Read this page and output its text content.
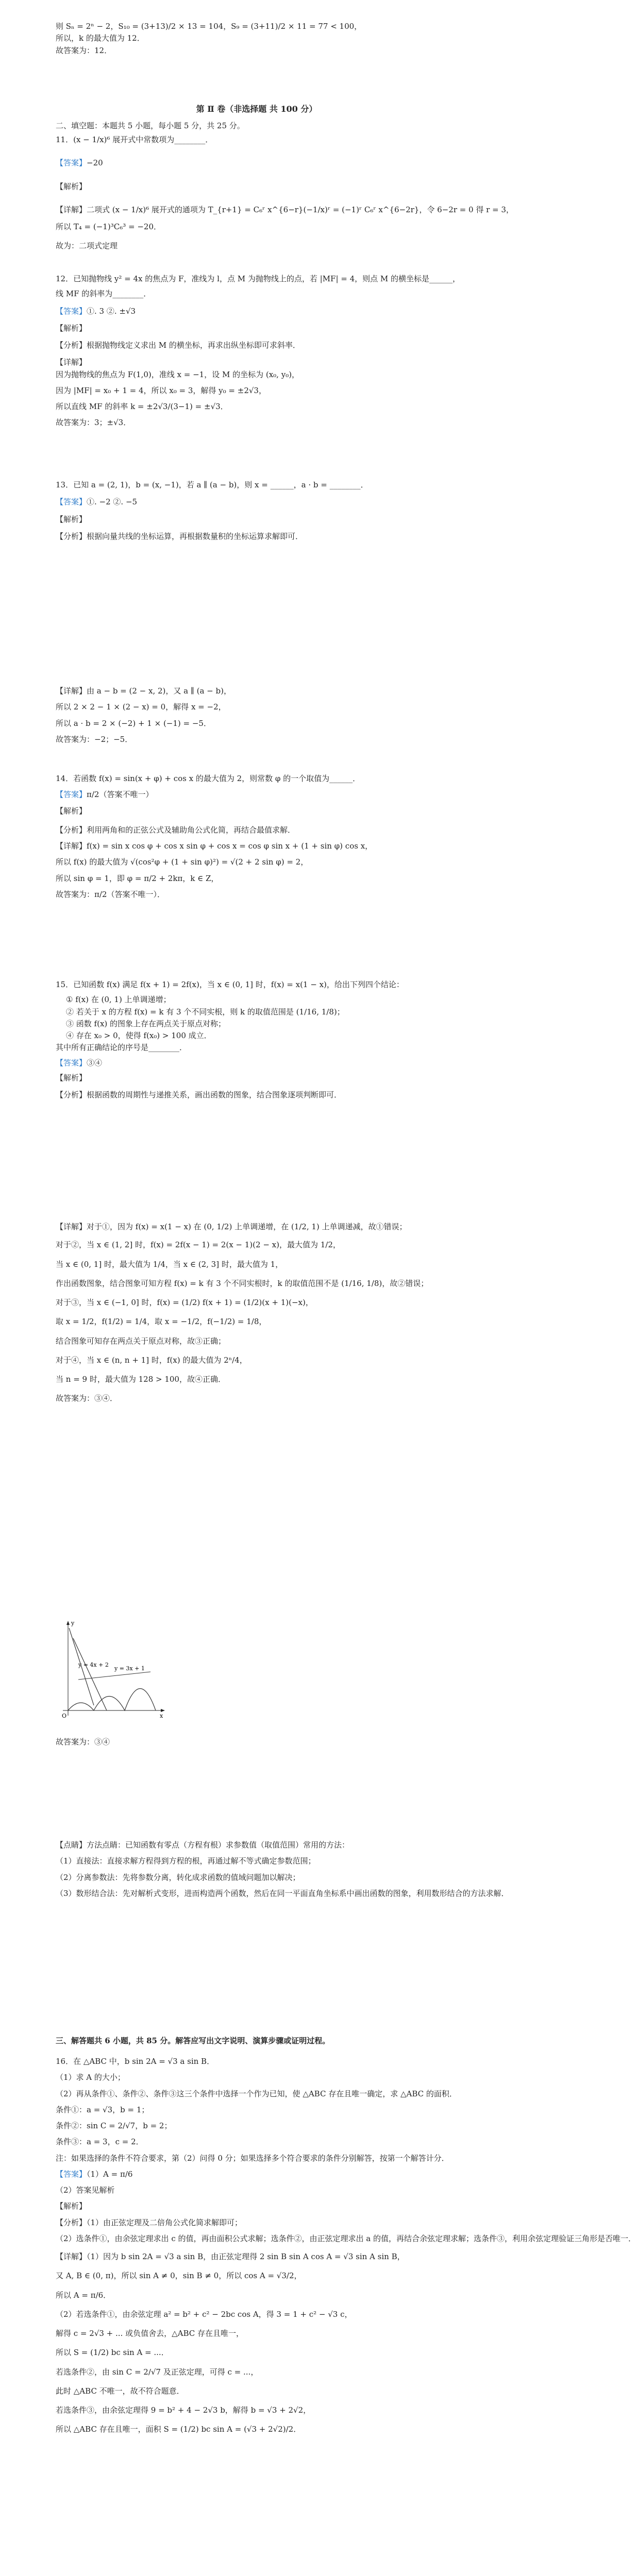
则 Sₙ = 2ⁿ − 2，S₁₀ = (3+13)/2 × 13 = 104，S₉ = (3+11)/2 × 11 = 77 < 100，
所以，k 的最大值为 12．
故答案为：12．
第 Ⅱ 卷（非选择题 共 100 分）
二、填空题：本题共 5 小题，每小题 5 分，共 25 分。
11．(x − 1/x)⁶ 展开式中常数项为________．
【答案】−20
【解析】
【详解】二项式 (x − 1/x)⁶ 展开式的通项为 T_{r+1} = C₆ʳ x^{6−r}(−1/x)ʳ = (−1)ʳ C₆ʳ x^{6−2r}，令 6−2r = 0 得 r = 3，
所以 T₄ = (−1)³C₆³ = −20．
故为：二项式定理
12．已知抛物线 y² = 4x 的焦点为 F，准线为 l，点 M 为抛物线上的点，若 |MF| = 4，则点 M 的横坐标是______，
线 MF 的斜率为________．
【答案】①. 3 ②. ±√3
【解析】
【分析】根据抛物线定义求出 M 的横坐标，再求出纵坐标即可求斜率．
【详解】
因为抛物线的焦点为 F(1,0)，准线 x = −1，设 M 的坐标为 (x₀, y₀)，
因为 |MF| = x₀ + 1 = 4，所以 x₀ = 3，解得 y₀ = ±2√3，
所以直线 MF 的斜率 k = ±2√3/(3−1) = ±√3．
故答案为：3；±√3．
13．已知 a = (2, 1)，b = (x, −1)，若 a ∥ (a − b)，则 x = ______，a · b = ________．
【答案】①. −2 ②. −5
【解析】
【分析】根据向量共线的坐标运算，再根据数量积的坐标运算求解即可．
【详解】由 a − b = (2 − x, 2)，又 a ∥ (a − b)，
所以 2 × 2 − 1 × (2 − x) = 0，解得 x = −2，
所以 a · b = 2 × (−2) + 1 × (−1) = −5．
故答案为：−2；−5．
14．若函数 f(x) = sin(x + φ) + cos x 的最大值为 2，则常数 φ 的一个取值为______．
【答案】π/2（答案不唯一）
【解析】
【分析】利用两角和的正弦公式及辅助角公式化简，再结合最值求解．
【详解】f(x) = sin x cos φ + cos x sin φ + cos x = cos φ sin x + (1 + sin φ) cos x，
所以 f(x) 的最大值为 √(cos²φ + (1 + sin φ)²) = √(2 + 2 sin φ) = 2，
所以 sin φ = 1，即 φ = π/2 + 2kπ，k ∈ Z，
故答案为：π/2（答案不唯一）．
15．已知函数 f(x) 满足 f(x + 1) = 2f(x)，当 x ∈ (0, 1] 时，f(x) = x(1 − x)，给出下列四个结论：
① f(x) 在 (0, 1) 上单调递增；
② 若关于 x 的方程 f(x) = k 有 3 个不同实根，则 k 的取值范围是 (1/16, 1/8)；
③ 函数 f(x) 的图象上存在两点关于原点对称；
④ 存在 x₀ > 0，使得 f(x₀) > 100 成立．
其中所有正确结论的序号是________．
【答案】③④
【解析】
【分析】根据函数的周期性与递推关系，画出函数的图象，结合图象逐项判断即可．
【详解】对于①，因为 f(x) = x(1 − x) 在 (0, 1/2) 上单调递增，在 (1/2, 1) 上单调递减，故①错误；
对于②，当 x ∈ (1, 2] 时，f(x) = 2f(x − 1) = 2(x − 1)(2 − x)，最大值为 1/2，
当 x ∈ (0, 1] 时，最大值为 1/4，当 x ∈ (2, 3] 时，最大值为 1，
作出函数图象，结合图象可知方程 f(x) = k 有 3 个不同实根时，k 的取值范围不是 (1/16, 1/8)，故②错误；
对于③，当 x ∈ (−1, 0] 时，f(x) = (1/2) f(x + 1) = (1/2)(x + 1)(−x)，
取 x = 1/2，f(1/2) = 1/4，取 x = −1/2，f(−1/2) = 1/8，
结合图象可知存在两点关于原点对称，故③正确；
对于④，当 x ∈ (n, n + 1] 时，f(x) 的最大值为 2ⁿ/4，
当 n = 9 时，最大值为 128 > 100，故④正确．
故答案为：③④．
y = 4x + 2
y = 3x + 1
O	x
y
故答案为：③④
【点睛】方法点睛：已知函数有零点（方程有根）求参数值（取值范围）常用的方法：
（1）直接法：直接求解方程得到方程的根，再通过解不等式确定参数范围；
（2）分离参数法：先将参数分离，转化成求函数的值域问题加以解决；
（3）数形结合法：先对解析式变形，进而构造两个函数，然后在同一平面直角坐标系中画出函数的图象，利用数形结合的方法求解．
三、解答题共 6 小题，共 85 分。解答应写出文字说明、演算步骤或证明过程。
16．在 △ABC 中，b sin 2A = √3 a sin B．
（1）求 A 的大小；
（2）再从条件①、条件②、条件③这三个条件中选择一个作为已知，使 △ABC 存在且唯一确定，求 △ABC 的面积．
条件①：a = √3，b = 1；
条件②：sin C = 2/√7，b = 2；
条件③：a = 3，c = 2．
注：如果选择的条件不符合要求，第（2）问得 0 分；如果选择多个符合要求的条件分别解答，按第一个解答计分．
【答案】（1）A = π/6
（2）答案见解析
【解析】
【分析】（1）由正弦定理及二倍角公式化简求解即可；
（2）选条件①，由余弦定理求出 c 的值，再由面积公式求解；选条件②，由正弦定理求出 a 的值，再结合余弦定理求解；选条件③，利用余弦定理验证三角形是否唯一．
【详解】（1）因为 b sin 2A = √3 a sin B，由正弦定理得 2 sin B sin A cos A = √3 sin A sin B，
又 A, B ∈ (0, π)，所以 sin A ≠ 0，sin B ≠ 0，所以 cos A = √3/2，
所以 A = π/6．
（2）若选条件①，由余弦定理 a² = b² + c² − 2bc cos A，得 3 = 1 + c² − √3 c，
解得 c = 2√3 + ... 或负值舍去，△ABC 存在且唯一，
所以 S = (1/2) bc sin A = ...．
若选条件②，由 sin C = 2/√7 及正弦定理，可得 c = ...，
此时 △ABC 不唯一，故不符合题意．
若选条件③，由余弦定理得 9 = b² + 4 − 2√3 b，解得 b = √3 + 2√2，
所以 △ABC 存在且唯一，面积 S = (1/2) bc sin A = (√3 + 2√2)/2．
